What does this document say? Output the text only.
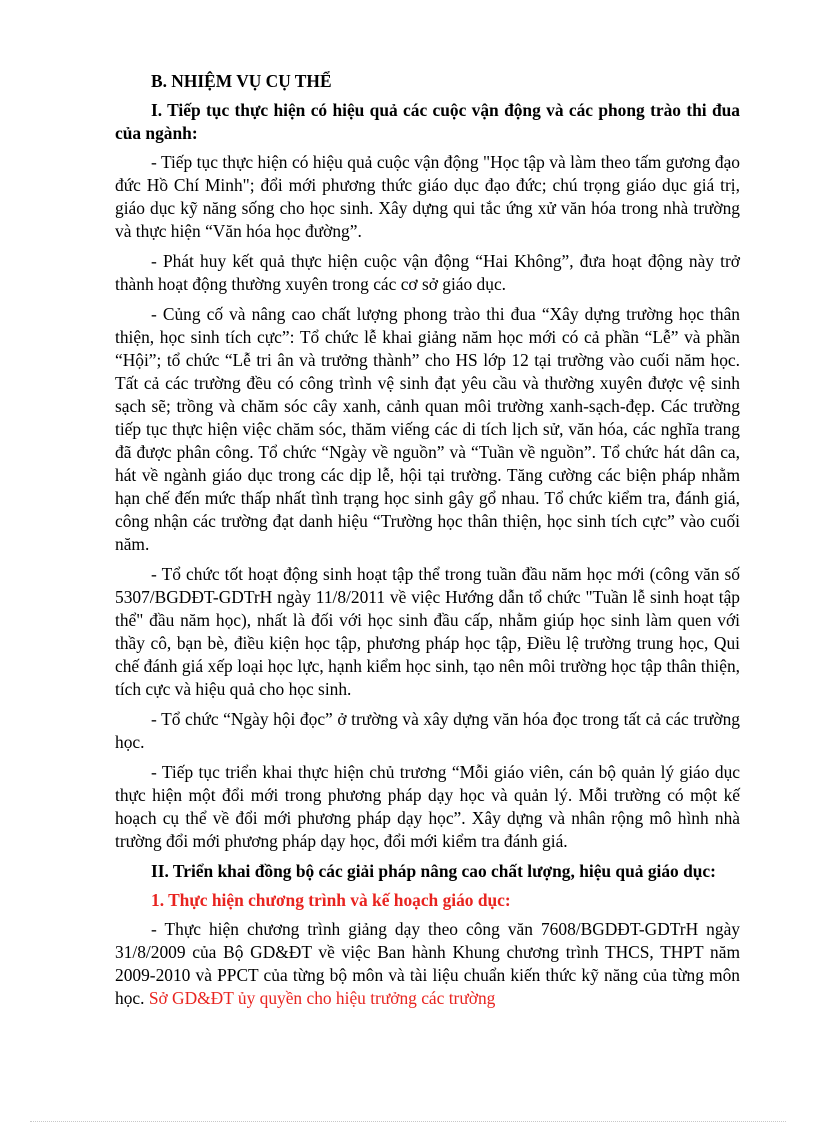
B. NHIỆM VỤ CỤ THỂ
I. Tiếp tục thực hiện có hiệu quả các cuộc vận động và các phong trào thi đua của ngành:

- Tiếp tục thực hiện có hiệu quả cuộc vận động "Học tập và làm theo tấm gương đạo đức Hồ Chí Minh"; đổi mới phương thức giáo dục đạo đức; chú trọng giáo dục giá trị, giáo dục kỹ năng sống cho học sinh. Xây dựng qui tắc ứng xử văn hóa trong nhà trường và thực hiện “Văn hóa học đường”.

- Phát huy kết quả thực hiện cuộc vận động “Hai Không”, đưa hoạt động này trở thành hoạt động thường xuyên trong các cơ sở giáo dục.

- Củng cố và nâng cao chất lượng phong trào thi đua “Xây dựng trường học thân thiện, học sinh tích cực”: Tổ chức lễ khai giảng năm học mới có cả phần “Lễ” và phần “Hội”; tổ chức “Lễ tri ân và trưởng thành” cho HS lớp 12 tại trường vào cuối năm học. Tất cả các trường đều có công trình vệ sinh đạt yêu cầu và thường xuyên được vệ sinh sạch sẽ; trồng và chăm sóc cây xanh, cảnh quan môi trường xanh-sạch-đẹp. Các trường tiếp tục thực hiện việc chăm sóc, thăm viếng các di tích lịch sử, văn hóa, các nghĩa trang đã được phân công. Tổ chức “Ngày về nguồn” và “Tuần về nguồn”. Tổ chức hát dân ca, hát về ngành giáo dục trong các dịp lễ, hội tại trường. Tăng cường các biện pháp nhằm hạn chế đến mức thấp nhất tình trạng học sinh gây gổ nhau. Tổ chức kiểm tra, đánh giá, công nhận các trường đạt danh hiệu “Trường học thân thiện, học sinh tích cực” vào cuối năm.

- Tổ chức tốt hoạt động sinh hoạt tập thể trong tuần đầu năm học mới (công văn số 5307/BGDĐT-GDTrH ngày 11/8/2011 về việc Hướng dẫn tổ chức "Tuần lễ sinh hoạt tập thể" đầu năm học), nhất là đối với học sinh đầu cấp, nhằm giúp học sinh làm quen với thầy cô, bạn bè, điều kiện học tập, phương pháp học tập, Điều lệ trường trung học, Qui chế đánh giá xếp loại học lực, hạnh kiểm học sinh, tạo nên môi trường học tập thân thiện, tích cực và hiệu quả cho học sinh.

- Tổ chức “Ngày hội đọc” ở trường và xây dựng văn hóa đọc trong tất cả các trường học.

- Tiếp tục triển khai thực hiện chủ trương “Mỗi giáo viên, cán bộ quản lý giáo dục thực hiện một đổi mới trong phương pháp dạy học và quản lý. Mỗi trường có một kế hoạch cụ thể về đổi mới phương pháp dạy học”. Xây dựng và nhân rộng mô hình nhà trường đổi mới phương pháp dạy học, đổi mới kiểm tra đánh giá.

II. Triển khai đồng bộ các giải pháp nâng cao chất lượng, hiệu quả giáo dục:
1. Thực hiện chương trình và kế hoạch giáo dục:

- Thực hiện chương trình giảng dạy theo công văn 7608/BGDĐT-GDTrH ngày 31/8/2009 của Bộ GD&ĐT về việc Ban hành Khung chương trình THCS, THPT năm 2009-2010 và PPCT của từng bộ môn và tài liệu chuẩn kiến thức kỹ năng của từng môn học. Sở GD&ĐT ủy quyền cho hiệu trưởng các trường
